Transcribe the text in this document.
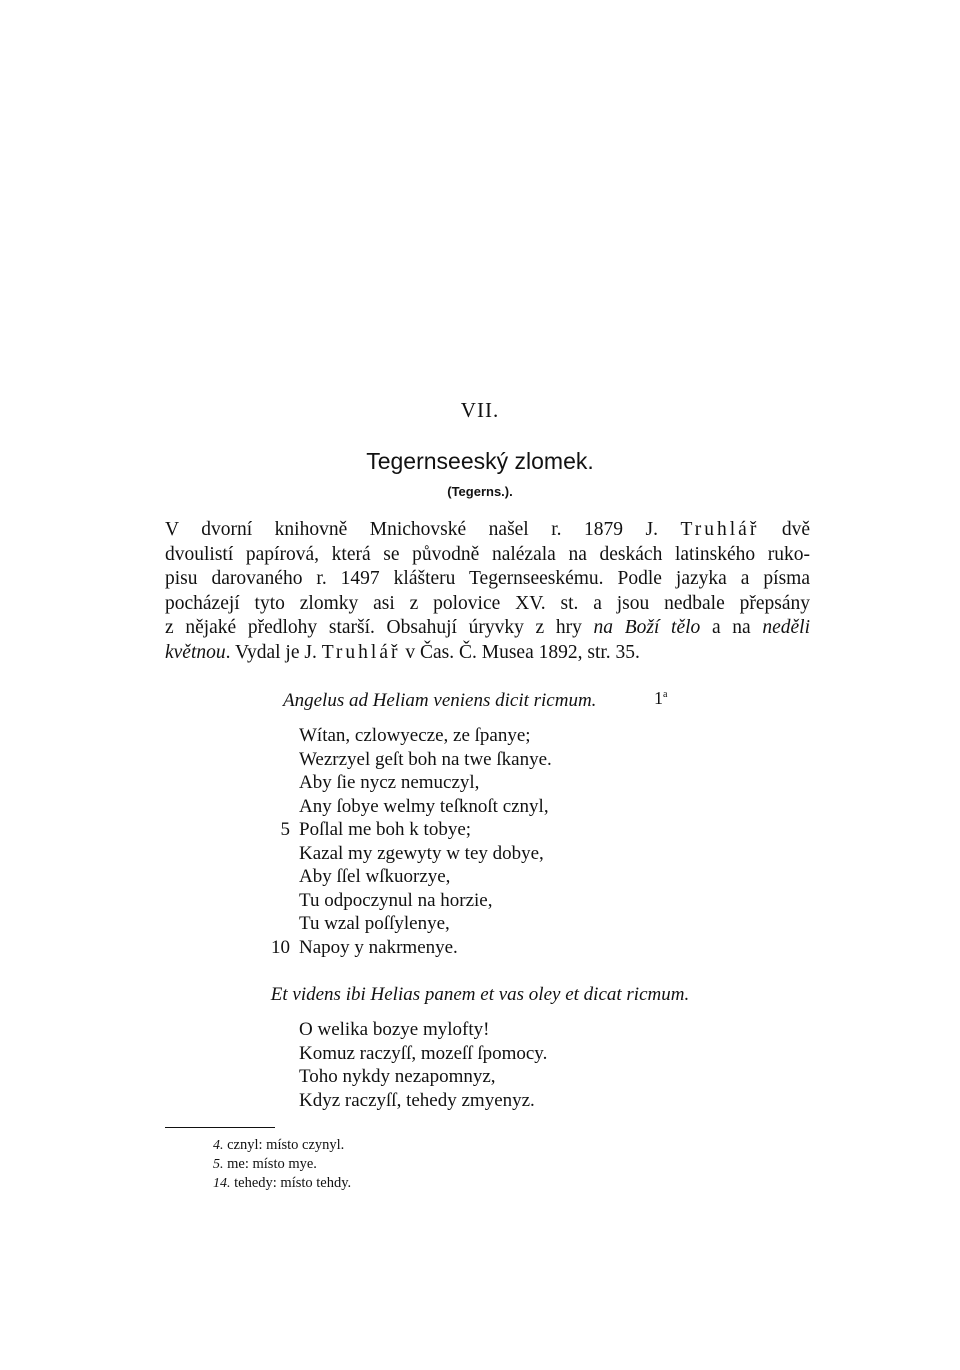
VII.
Tegernseeský zlomek.
(Tegerns.).
V dvorní knihovně Mnichovské našel r. 1879 J. Truhlář dvě
dvoulistí papírová, která se původně nalézala na deskách latinského ruko-
pisu darovaného r. 1497 klášteru Tegernseeskému. Podle jazyka a písma
pocházejí tyto zlomky asi z polovice XV. st. a jsou nedbale přepsány
z nějaké předlohy starší. Obsahují úryvky z hry na Boží tělo a na neděli
květnou. Vydal je J. Truhlář v Čas. Č. Musea 1892, str. 35.
Angelus ad Heliam veniens dicit ricmum.	1$^a$
Wítan, czlowyecze, ze ſpanye;
Wezrzyel geſt boh na twe ſkanye.
Aby ſie nycz nemuczyl,
Any ſobye welmy teſknoſt cznyl,
5 Poſlal me boh k tobye;
Kazal my zgewyty w tey dobye,
Aby ſſel wſkuorzye,
Tu odpoczynul na horzie,
Tu wzal poſſylenye,
10 Napoy y nakrmenye.
Et videns ibi Helias panem et vas oley et dicat ricmum.
O welika bozye mylofty!
Komuz raczyſſ, mozeſſ ſpomocy.
Toho nykdy nezapomnyz,
Kdyz raczyſſ, tehedy zmyenyz.
4. cznyl: místo czynyl.
5. me: místo mye.
14. tehedy: místo tehdy.
